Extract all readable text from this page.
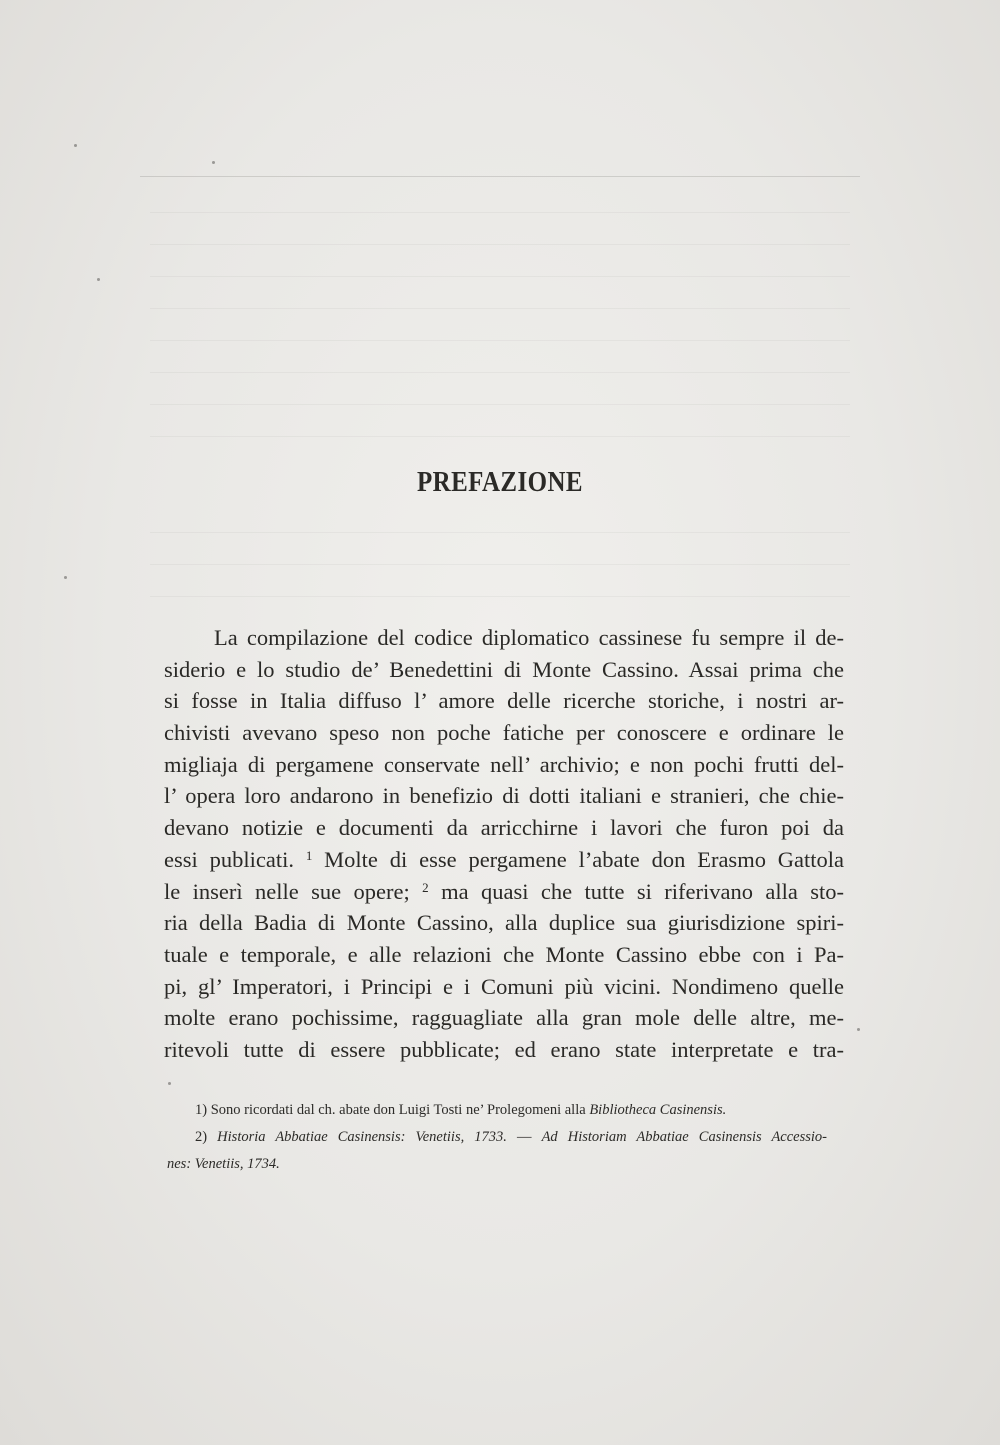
PREFAZIONE
La compilazione del codice diplomatico cassinese fu sempre il de-
siderio e lo studio de’ Benedettini di Monte Cassino. Assai prima che
si fosse in Italia diffuso l’ amore delle ricerche storiche, i nostri ar-
chivisti avevano speso non poche fatiche per conoscere e ordinare le
migliaja di pergamene conservate nell’ archivio; e non pochi frutti del-
l’ opera loro andarono in benefizio di dotti italiani e stranieri, che chie-
devano notizie e documenti da arricchirne i lavori che furon poi da
essi publicati. $^1$ Molte di esse pergamene l’abate don Erasmo Gattola
le inserì nelle sue opere; $^2$ ma quasi che tutte si riferivano alla sto-
ria della Badia di Monte Cassino, alla duplice sua giurisdizione spiri-
tuale e temporale, e alle relazioni che Monte Cassino ebbe con i Pa-
pi, gl’ Imperatori, i Principi e i Comuni più vicini. Nondimeno quelle
molte erano pochissime, ragguagliate alla gran mole delle altre, me-
ritevoli tutte di essere pubblicate; ed erano state interpretate e tra-
1) Sono ricordati dal ch. abate don Luigi Tosti ne’ Prolegomeni alla Bibliotheca Casinensis.
2) Historia Abbatiae Casinensis: Venetiis, 1733. — Ad Historiam Abbatiae Casinensis Accessio-
nes: Venetiis, 1734.
